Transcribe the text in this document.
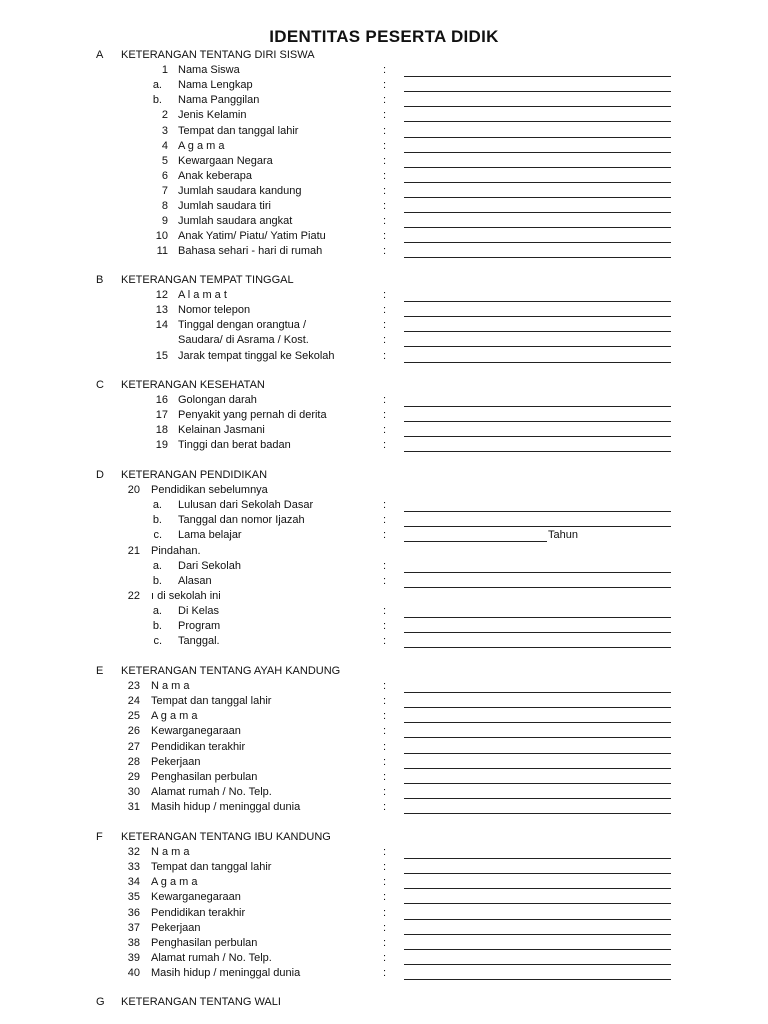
IDENTITAS PESERTA DIDIK
A KETERANGAN TENTANG DIRI SISWA
1 Nama Siswa	:
a. Nama Lengkap	:
b. Nama Panggilan	:
2 Jenis Kelamin	:
3 Tempat dan tanggal lahir	:
4 A g a m a	:
5 Kewargaan Negara	:
6 Anak keberapa	:
7 Jumlah saudara kandung	:
8 Jumlah saudara tiri	:
9 Jumlah saudara angkat	:
10 Anak Yatim/ Piatu/ Yatim Piatu	:
11 Bahasa sehari - hari di rumah	:
B KETERANGAN TEMPAT TINGGAL
12 A l a m a t	:
13 Nomor telepon	:
14 Tinggal dengan orangtua /	:
Saudara/ di Asrama / Kost.	:
15 Jarak tempat tinggal ke Sekolah	:
C KETERANGAN KESEHATAN
16 Golongan darah	:
17 Penyakit yang pernah di derita	:
18 Kelainan Jasmani	:
19 Tinggi dan berat badan	:
D KETERANGAN PENDIDIKAN
20 Pendidikan sebelumnya
a. Lulusan dari Sekolah Dasar	:
b. Tanggal dan nomor Ijazah	:
c. Lama belajar	:	Tahun
21 Pindahan.
a. Dari Sekolah	:
b. Alasan	:
22 ı di sekolah ini
a. Di Kelas	:
b. Program	:
c. Tanggal.	:
E KETERANGAN TENTANG AYAH KANDUNG
23 N a m a	:
24 Tempat dan tanggal lahir	:
25 A g a m a	:
26 Kewarganegaraan	:
27 Pendidikan terakhir	:
28 Pekerjaan	:
29 Penghasilan perbulan	:
30 Alamat rumah / No. Telp.	:
31 Masih hidup / meninggal dunia	:
F KETERANGAN TENTANG IBU KANDUNG
32 N a m a	:
33 Tempat dan tanggal lahir	:
34 A g a m a	:
35 Kewarganegaraan	:
36 Pendidikan terakhir	:
37 Pekerjaan	:
38 Penghasilan perbulan	:
39 Alamat rumah / No. Telp.	:
40 Masih hidup / meninggal dunia	:
G KETERANGAN TENTANG WALI
